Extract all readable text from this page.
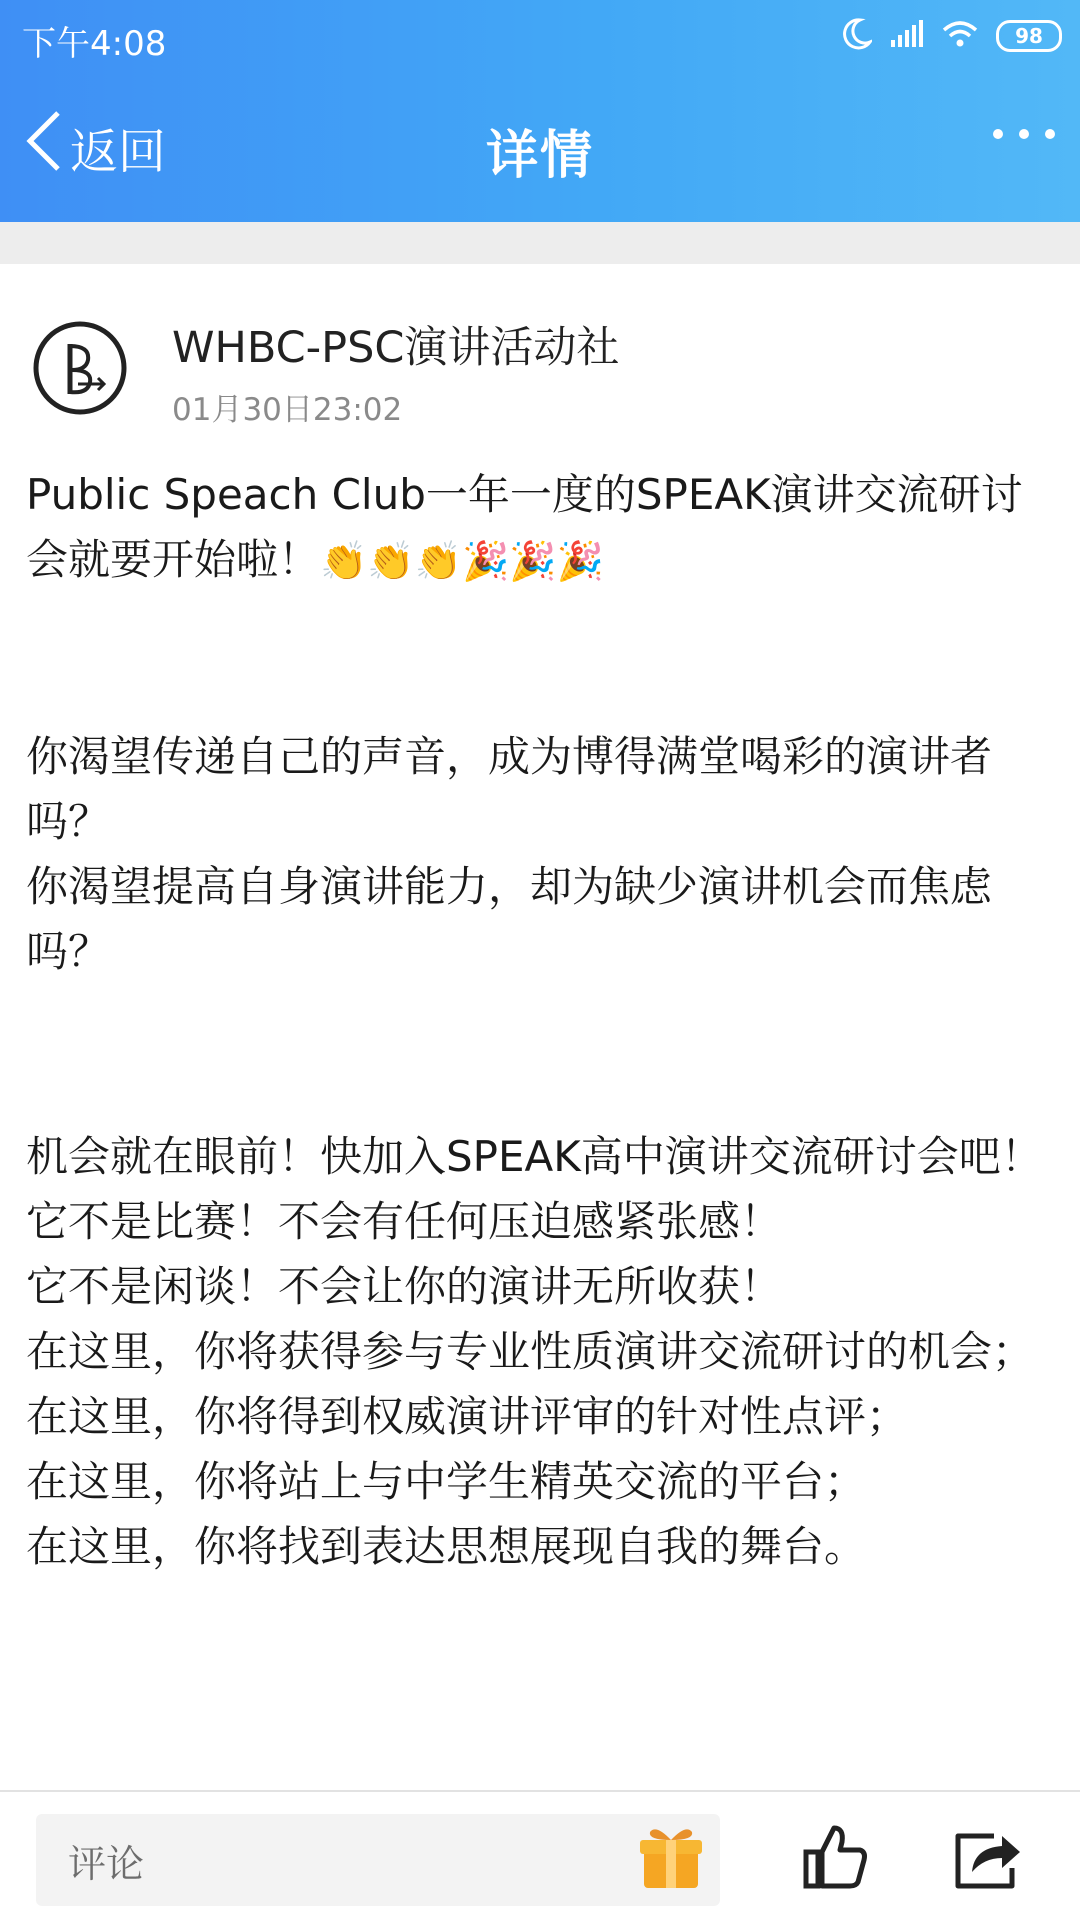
下午4:08	98
返回	详情
WHBC-PSC演讲活动社
01月30日23:02

Public Speach Club一年一度的SPEAK演讲交流研讨会就要开始啦！👏👏👏🎉🎉🎉

你渴望传递自己的声音，成为博得满堂喝彩的演讲者吗？

你渴望提高自身演讲能力，却为缺少演讲机会而焦虑吗？

机会就在眼前！快加入SPEAK高中演讲交流研讨会吧！

它不是比赛！不会有任何压迫感紧张感！

它不是闲谈！不会让你的演讲无所收获！

在这里，你将获得参与专业性质演讲交流研讨的机会；

在这里，你将得到权威演讲评审的针对性点评；

在这里，你将站上与中学生精英交流的平台；

在这里，你将找到表达思想展现自我的舞台。

评论
